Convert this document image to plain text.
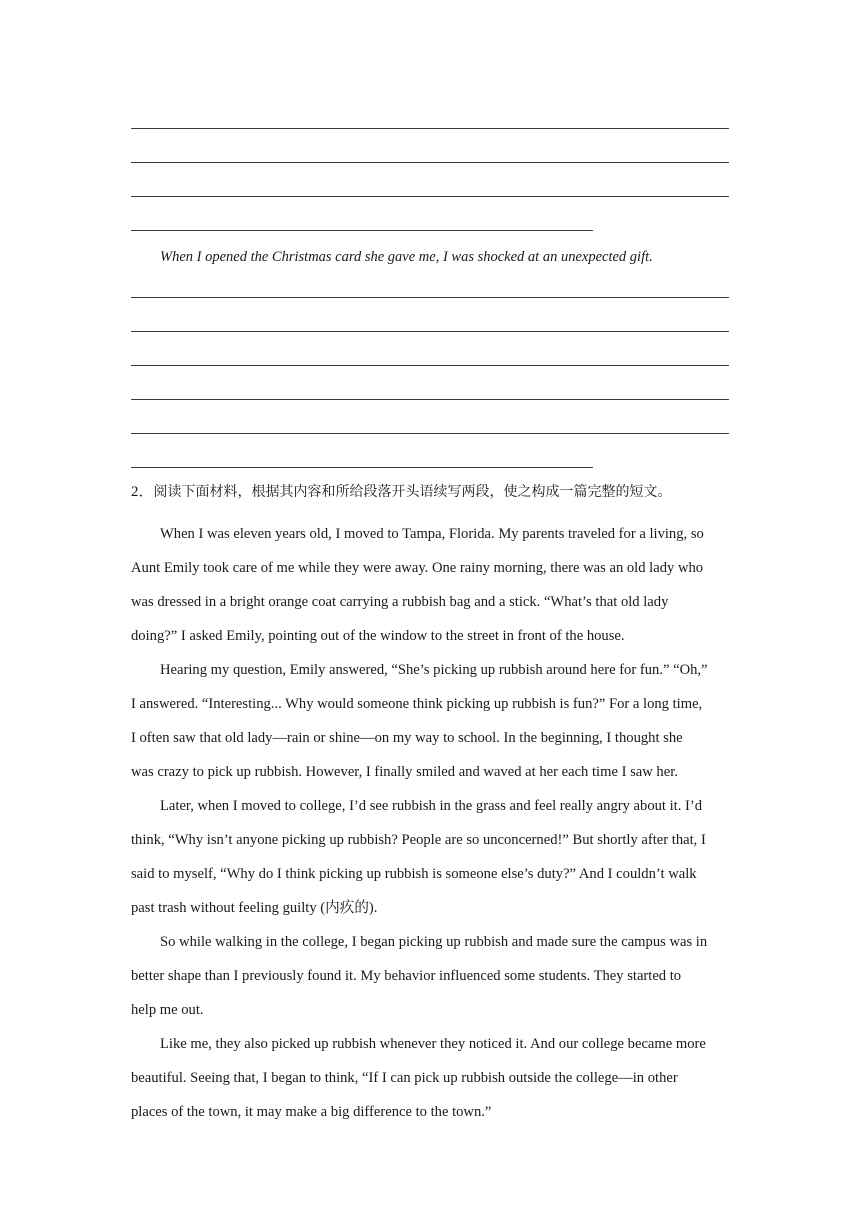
When I opened the Christmas card she gave me, I was shocked at an unexpected gift.
2．阅读下面材料，根据其内容和所给段落开头语续写两段，使之构成一篇完整的短文。
When I was eleven years old, I moved to Tampa, Florida. My parents traveled for a living, so
Aunt Emily took care of me while they were away. One rainy morning, there was an old lady who
was dressed in a bright orange coat carrying a rubbish bag and a stick. “What’s that old lady
doing?” I asked Emily, pointing out of the window to the street in front of the house.
Hearing my question, Emily answered, “She’s picking up rubbish around here for fun.” “Oh,”
I answered. “Interesting... Why would someone think picking up rubbish is fun?” For a long time,
I often saw that old lady—rain or shine—on my way to school. In the beginning, I thought she
was crazy to pick up rubbish. However, I finally smiled and waved at her each time I saw her.
Later, when I moved to college, I’d see rubbish in the grass and feel really angry about it. I’d
think, “Why isn’t anyone picking up rubbish? People are so unconcerned!” But shortly after that, I
said to myself, “Why do I think picking up rubbish is someone else’s duty?” And I couldn’t walk
past trash without feeling guilty (内疚的).
So while walking in the college, I began picking up rubbish and made sure the campus was in
better shape than I previously found it. My behavior influenced some students. They started to
help me out.
Like me, they also picked up rubbish whenever they noticed it. And our college became more
beautiful. Seeing that, I began to think, “If I can pick up rubbish outside the college—in other
places of the town, it may make a big difference to the town.”
